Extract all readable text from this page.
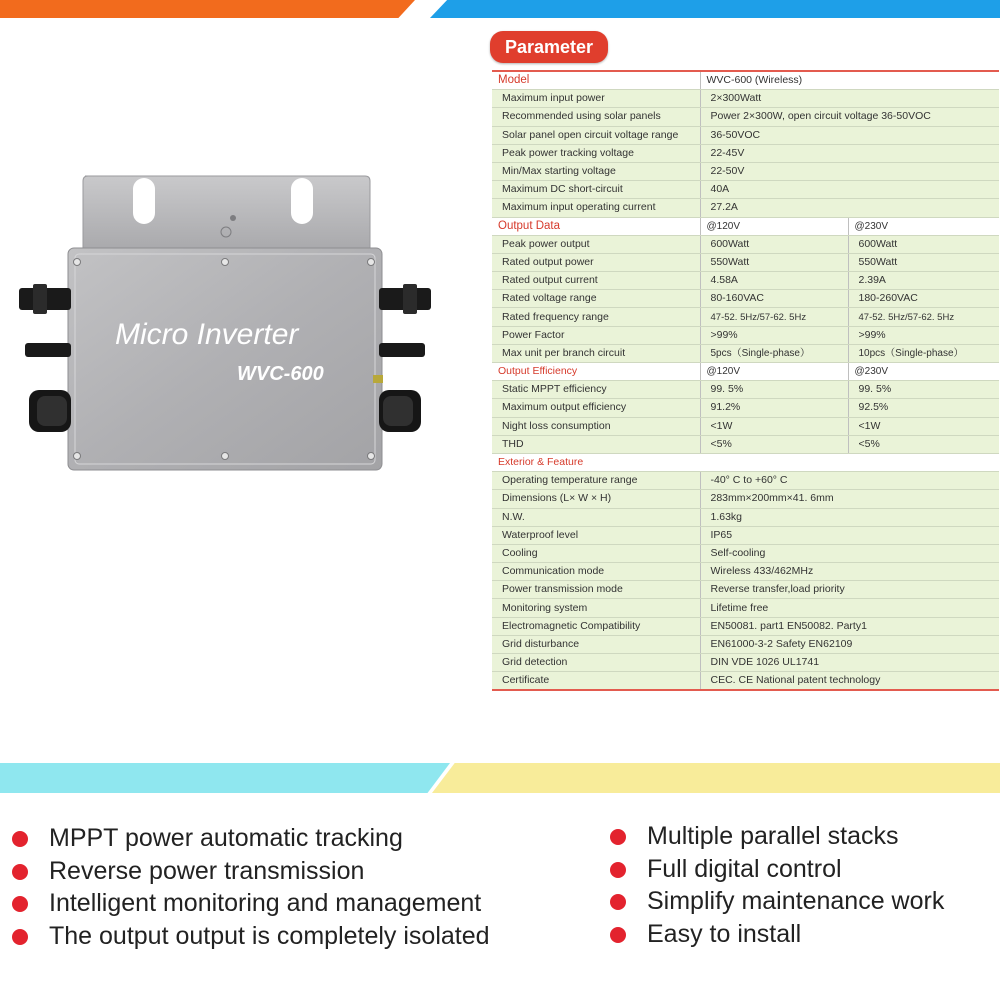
Micro Inverter
WVC-600
Parameter
Model	WVC-600 (Wireless)	
Maximum input power	2×300Watt	
Recommended using solar panels	Power 2×300W, open circuit voltage 36-50VOC	
Solar panel open circuit voltage range	36-50VOC	
Peak power tracking voltage	22-45V	
Min/Max starting voltage	22-50V	
Maximum DC short-circuit	40A	
Maximum input operating current	27.2A	
Output Data	@120V	@230V
Peak power output	600Watt	600Watt
Rated output power	550Watt	550Watt
Rated output current	4.58A	2.39A
Rated voltage range	80-160VAC	180-260VAC
Rated frequency range	47-52. 5Hz/57-62. 5Hz	47-52. 5Hz/57-62. 5Hz
Power Factor	>99%	>99%
Max unit per branch circuit	5pcs（Single-phase）	10pcs（Single-phase）
Output Efficiency	@120V	@230V
Static MPPT efficiency	99. 5%	99. 5%
Maximum output efficiency	91.2%	92.5%
Night loss consumption	<1W	<1W
THD	<5%	<5%
Exterior & Feature		
Operating temperature range	-40° C to +60° C	
Dimensions (L× W × H)	283mm×200mm×41. 6mm	
N.W.	1.63kg	
Waterproof level	IP65	
Cooling	Self-cooling	
Communication mode	Wireless 433/462MHz	
Power transmission mode	Reverse transfer,load priority	
Monitoring system	Lifetime free	
Electromagnetic Compatibility	EN50081. part1 EN50082. Party1	
Grid disturbance	EN61000-3-2 Safety EN62109	
Grid detection	DIN VDE 1026 UL1741	
Certificate	CEC. CE National patent technology	
MPPT power automatic tracking
Reverse power transmission
Intelligent monitoring and management
The output output is completely isolated
Multiple parallel stacks
Full digital control
Simplify maintenance work
Easy to install
